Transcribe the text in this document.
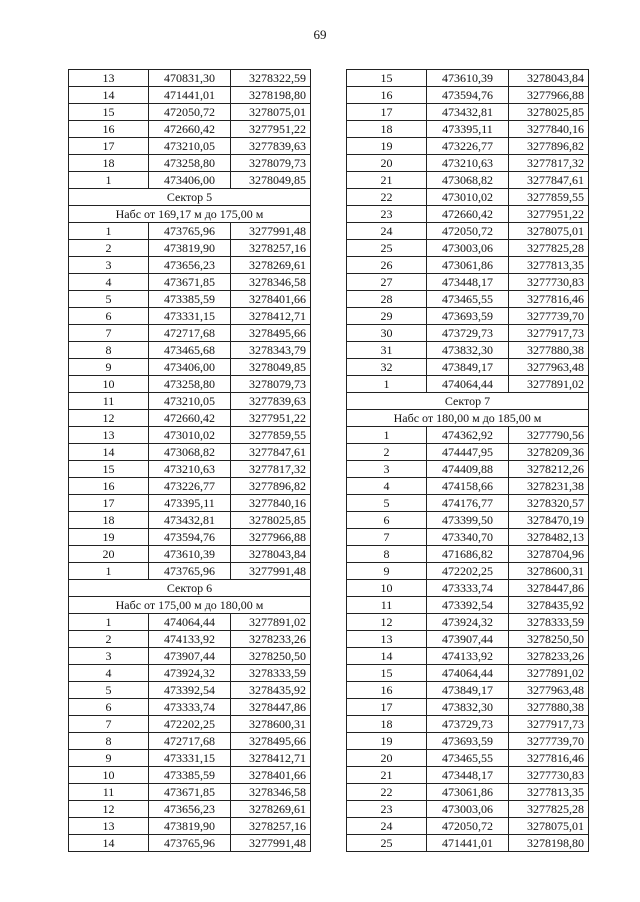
69
13	470831,30	3278322,59
14	471441,01	3278198,80
15	472050,72	3278075,01
16	472660,42	3277951,22
17	473210,05	3277839,63
18	473258,80	3278079,73
1	473406,00	3278049,85
Сектор 5		
Набс от 169,17 м до 175,00 м		
1	473765,96	3277991,48
2	473819,90	3278257,16
3	473656,23	3278269,61
4	473671,85	3278346,58
5	473385,59	3278401,66
6	473331,15	3278412,71
7	472717,68	3278495,66
8	473465,68	3278343,79
9	473406,00	3278049,85
10	473258,80	3278079,73
11	473210,05	3277839,63
12	472660,42	3277951,22
13	473010,02	3277859,55
14	473068,82	3277847,61
15	473210,63	3277817,32
16	473226,77	3277896,82
17	473395,11	3277840,16
18	473432,81	3278025,85
19	473594,76	3277966,88
20	473610,39	3278043,84
1	473765,96	3277991,48
Сектор 6		
Набс от 175,00 м до 180,00 м		
1	474064,44	3277891,02
2	474133,92	3278233,26
3	473907,44	3278250,50
4	473924,32	3278333,59
5	473392,54	3278435,92
6	473333,74	3278447,86
7	472202,25	3278600,31
8	472717,68	3278495,66
9	473331,15	3278412,71
10	473385,59	3278401,66
11	473671,85	3278346,58
12	473656,23	3278269,61
13	473819,90	3278257,16
14	473765,96	3277991,48
15	473610,39	3278043,84
16	473594,76	3277966,88
17	473432,81	3278025,85
18	473395,11	3277840,16
19	473226,77	3277896,82
20	473210,63	3277817,32
21	473068,82	3277847,61
22	473010,02	3277859,55
23	472660,42	3277951,22
24	472050,72	3278075,01
25	473003,06	3277825,28
26	473061,86	3277813,35
27	473448,17	3277730,83
28	473465,55	3277816,46
29	473693,59	3277739,70
30	473729,73	3277917,73
31	473832,30	3277880,38
32	473849,17	3277963,48
1	474064,44	3277891,02
Сектор 7		
Набс от 180,00 м до 185,00 м		
1	474362,92	3277790,56
2	474447,95	3278209,36
3	474409,88	3278212,26
4	474158,66	3278231,38
5	474176,77	3278320,57
6	473399,50	3278470,19
7	473340,70	3278482,13
8	471686,82	3278704,96
9	472202,25	3278600,31
10	473333,74	3278447,86
11	473392,54	3278435,92
12	473924,32	3278333,59
13	473907,44	3278250,50
14	474133,92	3278233,26
15	474064,44	3277891,02
16	473849,17	3277963,48
17	473832,30	3277880,38
18	473729,73	3277917,73
19	473693,59	3277739,70
20	473465,55	3277816,46
21	473448,17	3277730,83
22	473061,86	3277813,35
23	473003,06	3277825,28
24	472050,72	3278075,01
25	471441,01	3278198,80
